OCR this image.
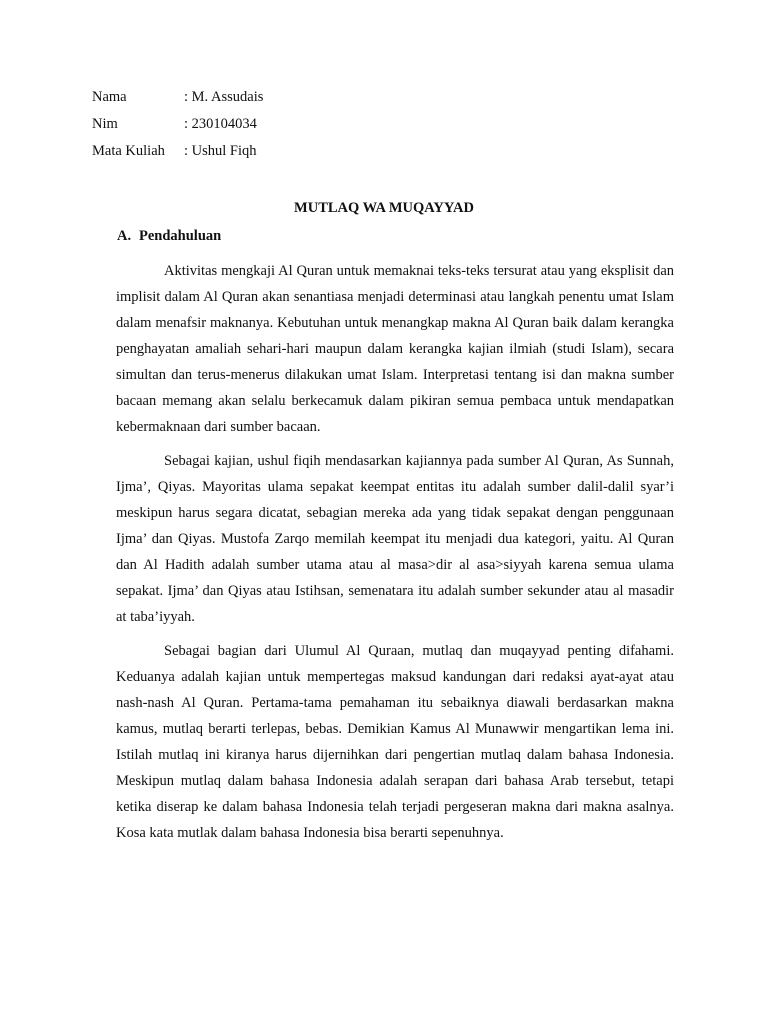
Nama	: M. Assudais
Nim	: 230104034
Mata Kuliah : Ushul Fiqh
MUTLAQ WA MUQAYYAD
A. Pendahuluan

Aktivitas mengkaji Al Quran untuk memaknai teks-teks tersurat atau yang eksplisit dan implisit dalam Al Quran akan senantiasa menjadi determinasi atau langkah penentu umat Islam dalam menafsir maknanya. Kebutuhan untuk menangkap makna Al Quran baik dalam kerangka penghayatan amaliah sehari-hari maupun dalam kerangka kajian ilmiah (studi Islam), secara simultan dan terus-menerus dilakukan umat Islam. Interpretasi tentang isi dan makna sumber bacaan memang akan selalu berkecamuk dalam pikiran semua pembaca untuk mendapatkan kebermaknaan dari sumber bacaan.

Sebagai kajian, ushul fiqih mendasarkan kajiannya pada sumber Al Quran, As Sunnah, Ijma’, Qiyas. Mayoritas ulama sepakat keempat entitas itu adalah sumber dalil-dalil syar’i meskipun harus segara dicatat, sebagian mereka ada yang tidak sepakat dengan penggunaan Ijma’ dan Qiyas. Mustofa Zarqo memilah keempat itu menjadi dua kategori, yaitu. Al Quran dan Al Hadith adalah sumber utama atau al masa>dir al asa>siyyah karena semua ulama sepakat. Ijma’ dan Qiyas atau Istihsan, semenatara itu adalah sumber sekunder atau al masadir at taba’iyyah.

Sebagai bagian dari Ulumul Al Quraan, mutlaq dan muqayyad penting difahami. Keduanya adalah kajian untuk mempertegas maksud kandungan dari redaksi ayat-ayat atau nash-nash Al Quran. Pertama-tama pemahaman itu sebaiknya diawali berdasarkan makna kamus, mutlaq berarti terlepas, bebas. Demikian Kamus Al Munawwir mengartikan lema ini. Istilah mutlaq ini kiranya harus dijernihkan dari pengertian mutlaq dalam bahasa Indonesia. Meskipun mutlaq dalam bahasa Indonesia adalah serapan dari bahasa Arab tersebut, tetapi ketika diserap ke dalam bahasa Indonesia telah terjadi pergeseran makna dari makna asalnya. Kosa kata mutlak dalam bahasa Indonesia bisa berarti sepenuhnya.
